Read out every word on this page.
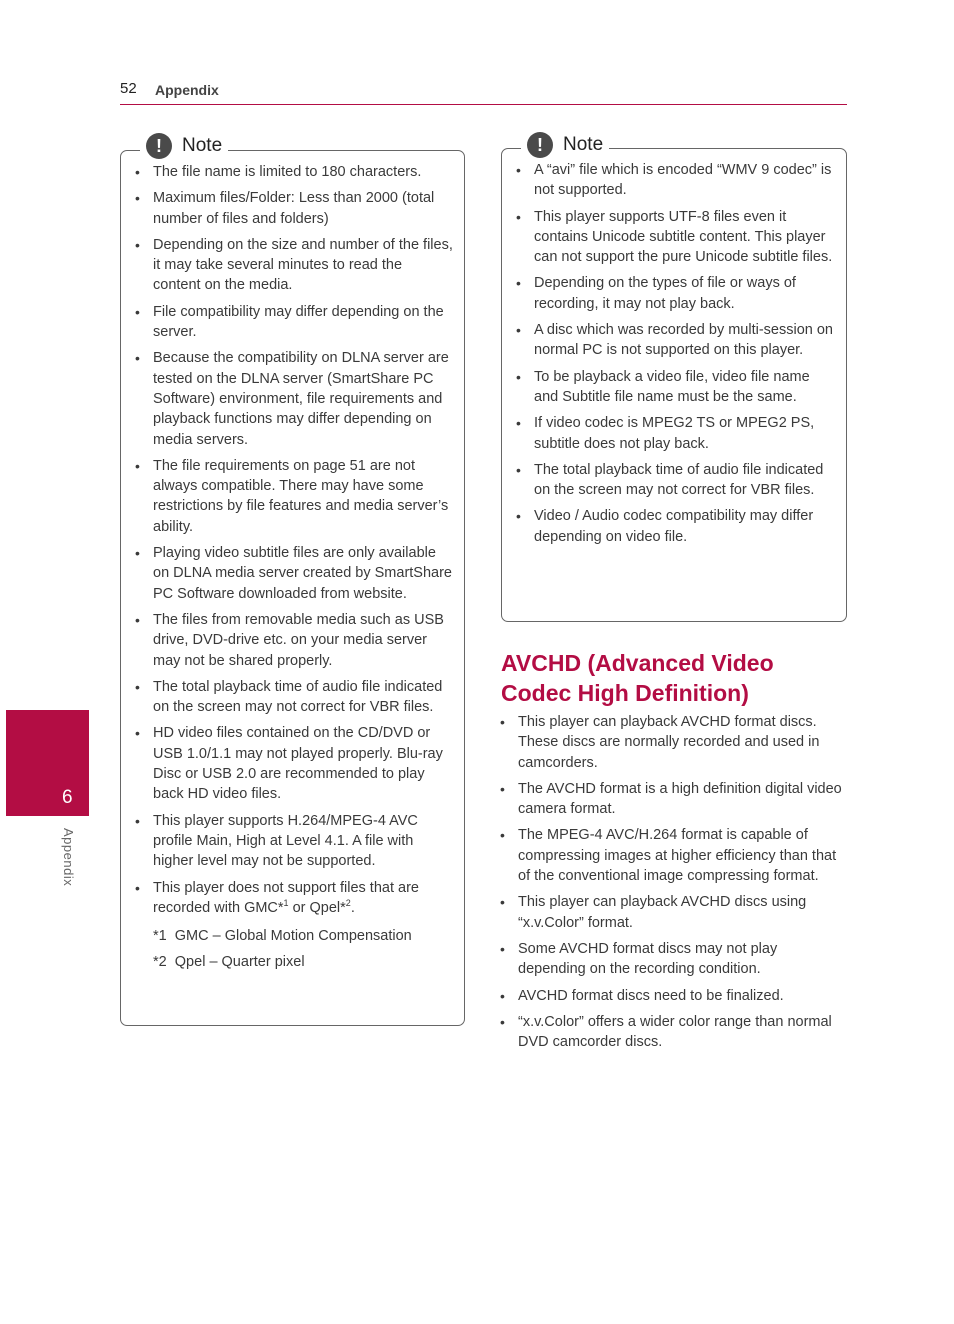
52 Appendix
!	Note
• The file name is limited to 180 characters.
• Maximum files/Folder: Less than 2000 (total number of files and folders)
• Depending on the size and number of the files, it may take several minutes to read the content on the media.
• File compatibility may differ depending on the server.
• Because the compatibility on DLNA server are tested on the DLNA server (SmartShare PC Software) environment, file requirements and playback functions may differ depending on media servers.
• The file requirements on page 51 are not always compatible. There may have some restrictions by file features and media server’s ability.
• Playing video subtitle files are only available on DLNA media server created by SmartShare PC Software downloaded from website.
• The files from removable media such as USB drive, DVD-drive etc. on your media server may not be shared properly.
• The total playback time of audio file indicated on the screen may not correct for VBR files.
• HD video files contained on the CD/DVD or USB 1.0/1.1 may not played properly. Blu-ray Disc or USB 2.0 are recommended to play back HD video files.
• This player supports H.264/MPEG-4 AVC profile Main, High at Level 4.1. A file with higher level may not be supported.
• This player does not support files that are recorded with GMC*$^1$ or Qpel*$^2$.
*1 GMC – Global Motion Compensation
*2 Qpel – Quarter pixel
!	Note
• A “avi” file which is encoded “WMV 9 codec” is not supported.
• This player supports UTF-8 files even it contains Unicode subtitle content. This player can not support the pure Unicode subtitle files.
• Depending on the types of file or ways of recording, it may not play back.
• A disc which was recorded by multi-session on normal PC is not supported on this player.
• To be playback a video file, video file name and Subtitle file name must be the same.
• If video codec is MPEG2 TS or MPEG2 PS, subtitle does not play back.
• The total playback time of audio file indicated on the screen may not correct for VBR files.
• Video / Audio codec compatibility may differ depending on video file.
AVCHD (Advanced Video Codec High Definition)
• This player can playback AVCHD format discs. These discs are normally recorded and used in camcorders.
• The AVCHD format is a high definition digital video camera format.
• The MPEG-4 AVC/H.264 format is capable of compressing images at higher efficiency than that of the conventional image compressing format.
• This player can playback AVCHD discs using “x.v.Color” format.
• Some AVCHD format discs may not play depending on the recording condition.
• AVCHD format discs need to be finalized.
• “x.v.Color” offers a wider color range than normal DVD camcorder discs.
6
Appendix
